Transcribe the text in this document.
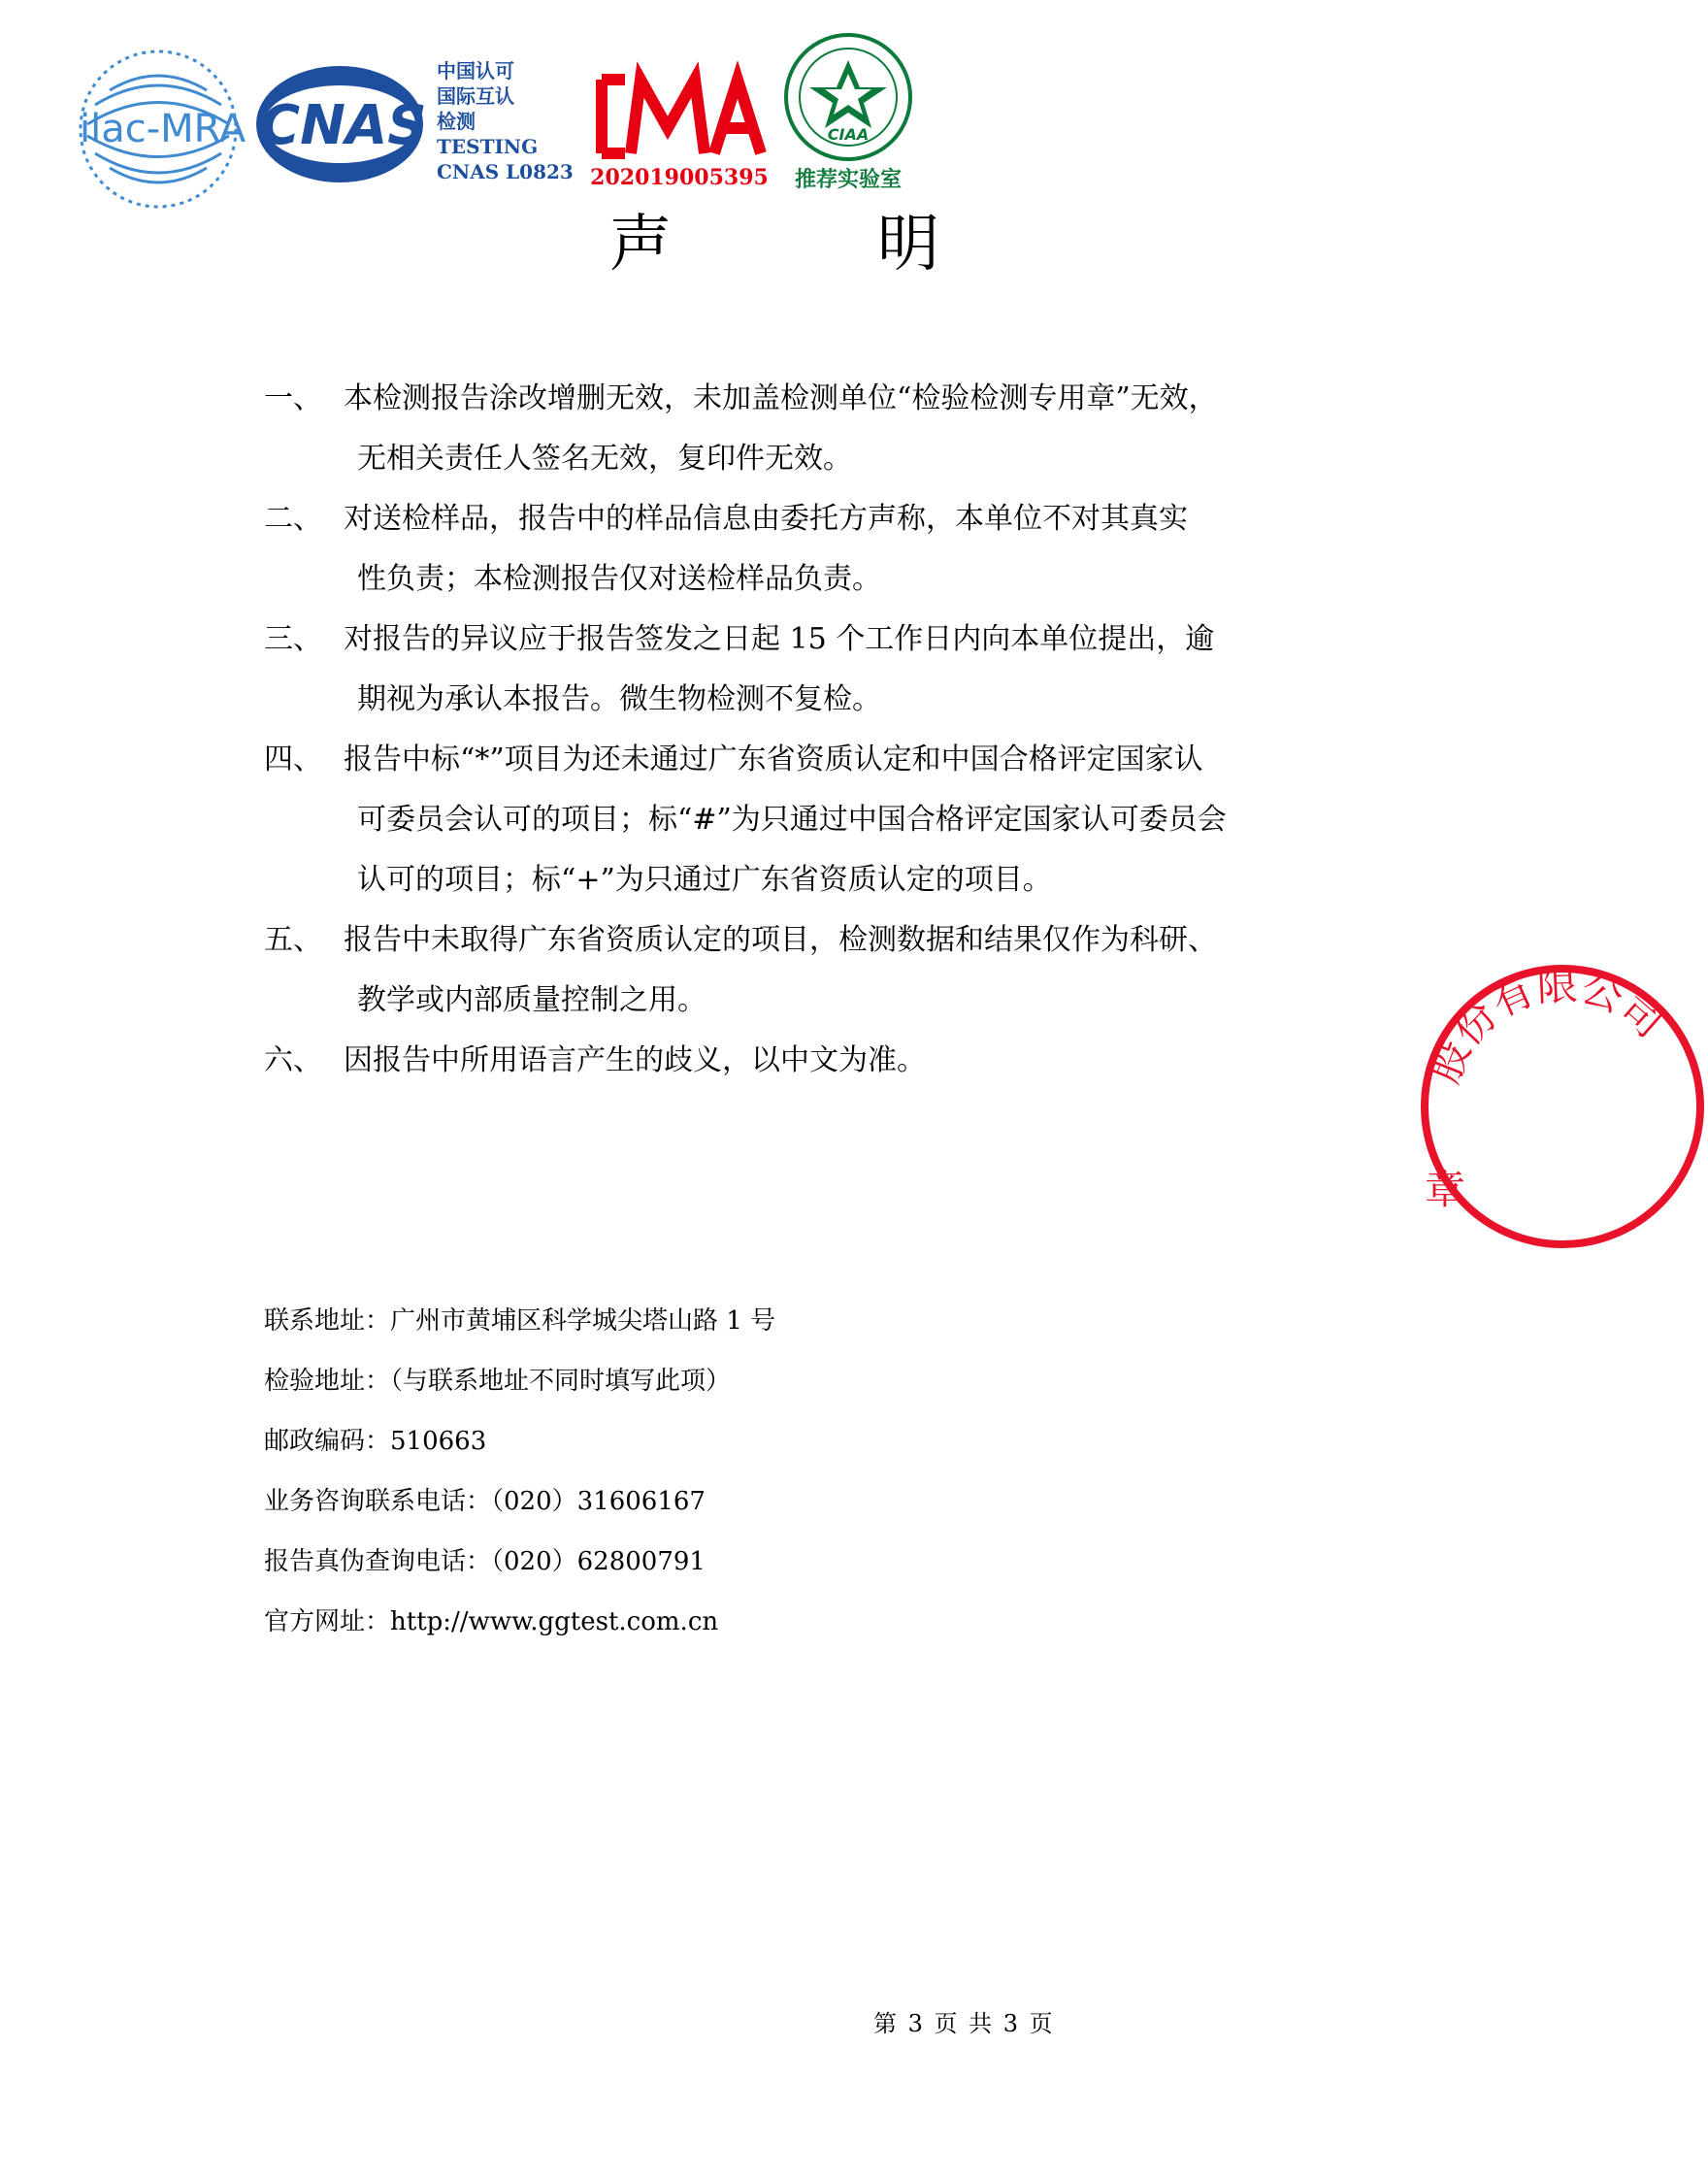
ilac-MRA CNAS
中国认可
国际互认
检测
TESTING
CNAS L0823 202019005395
CIAA
推荐实验室
声	明
一、 本检测报告涂改增删无效，未加盖检测单位“检验检测专用章”无效，
无相关责任人签名无效，复印件无效。
二、 对送检样品，报告中的样品信息由委托方声称，本单位不对其真实
性负责；本检测报告仅对送检样品负责。
三、 对报告的异议应于报告签发之日起 15 个工作日内向本单位提出，逾
期视为承认本报告。微生物检测不复检。
四、 报告中标“*”项目为还未通过广东省资质认定和中国合格评定国家认
可委员会认可的项目；标“#”为只通过中国合格评定国家认可委员会
认可的项目；标“+”为只通过广东省资质认定的项目。
五、 报告中未取得广东省资质认定的项目，检测数据和结果仅作为科研、
教学或内部质量控制之用。
六、 因报告中所用语言产生的歧义，以中文为准。	股份有限公司
章
联系地址：广州市黄埔区科学城尖塔山路 1 号
检验地址：（与联系地址不同时填写此项）
邮政编码：510663
业务咨询联系电话：（020）31606167
报告真伪查询电话：（020）62800791
官方网址：http://www.ggtest.com.cn
第 3 页 共 3 页
